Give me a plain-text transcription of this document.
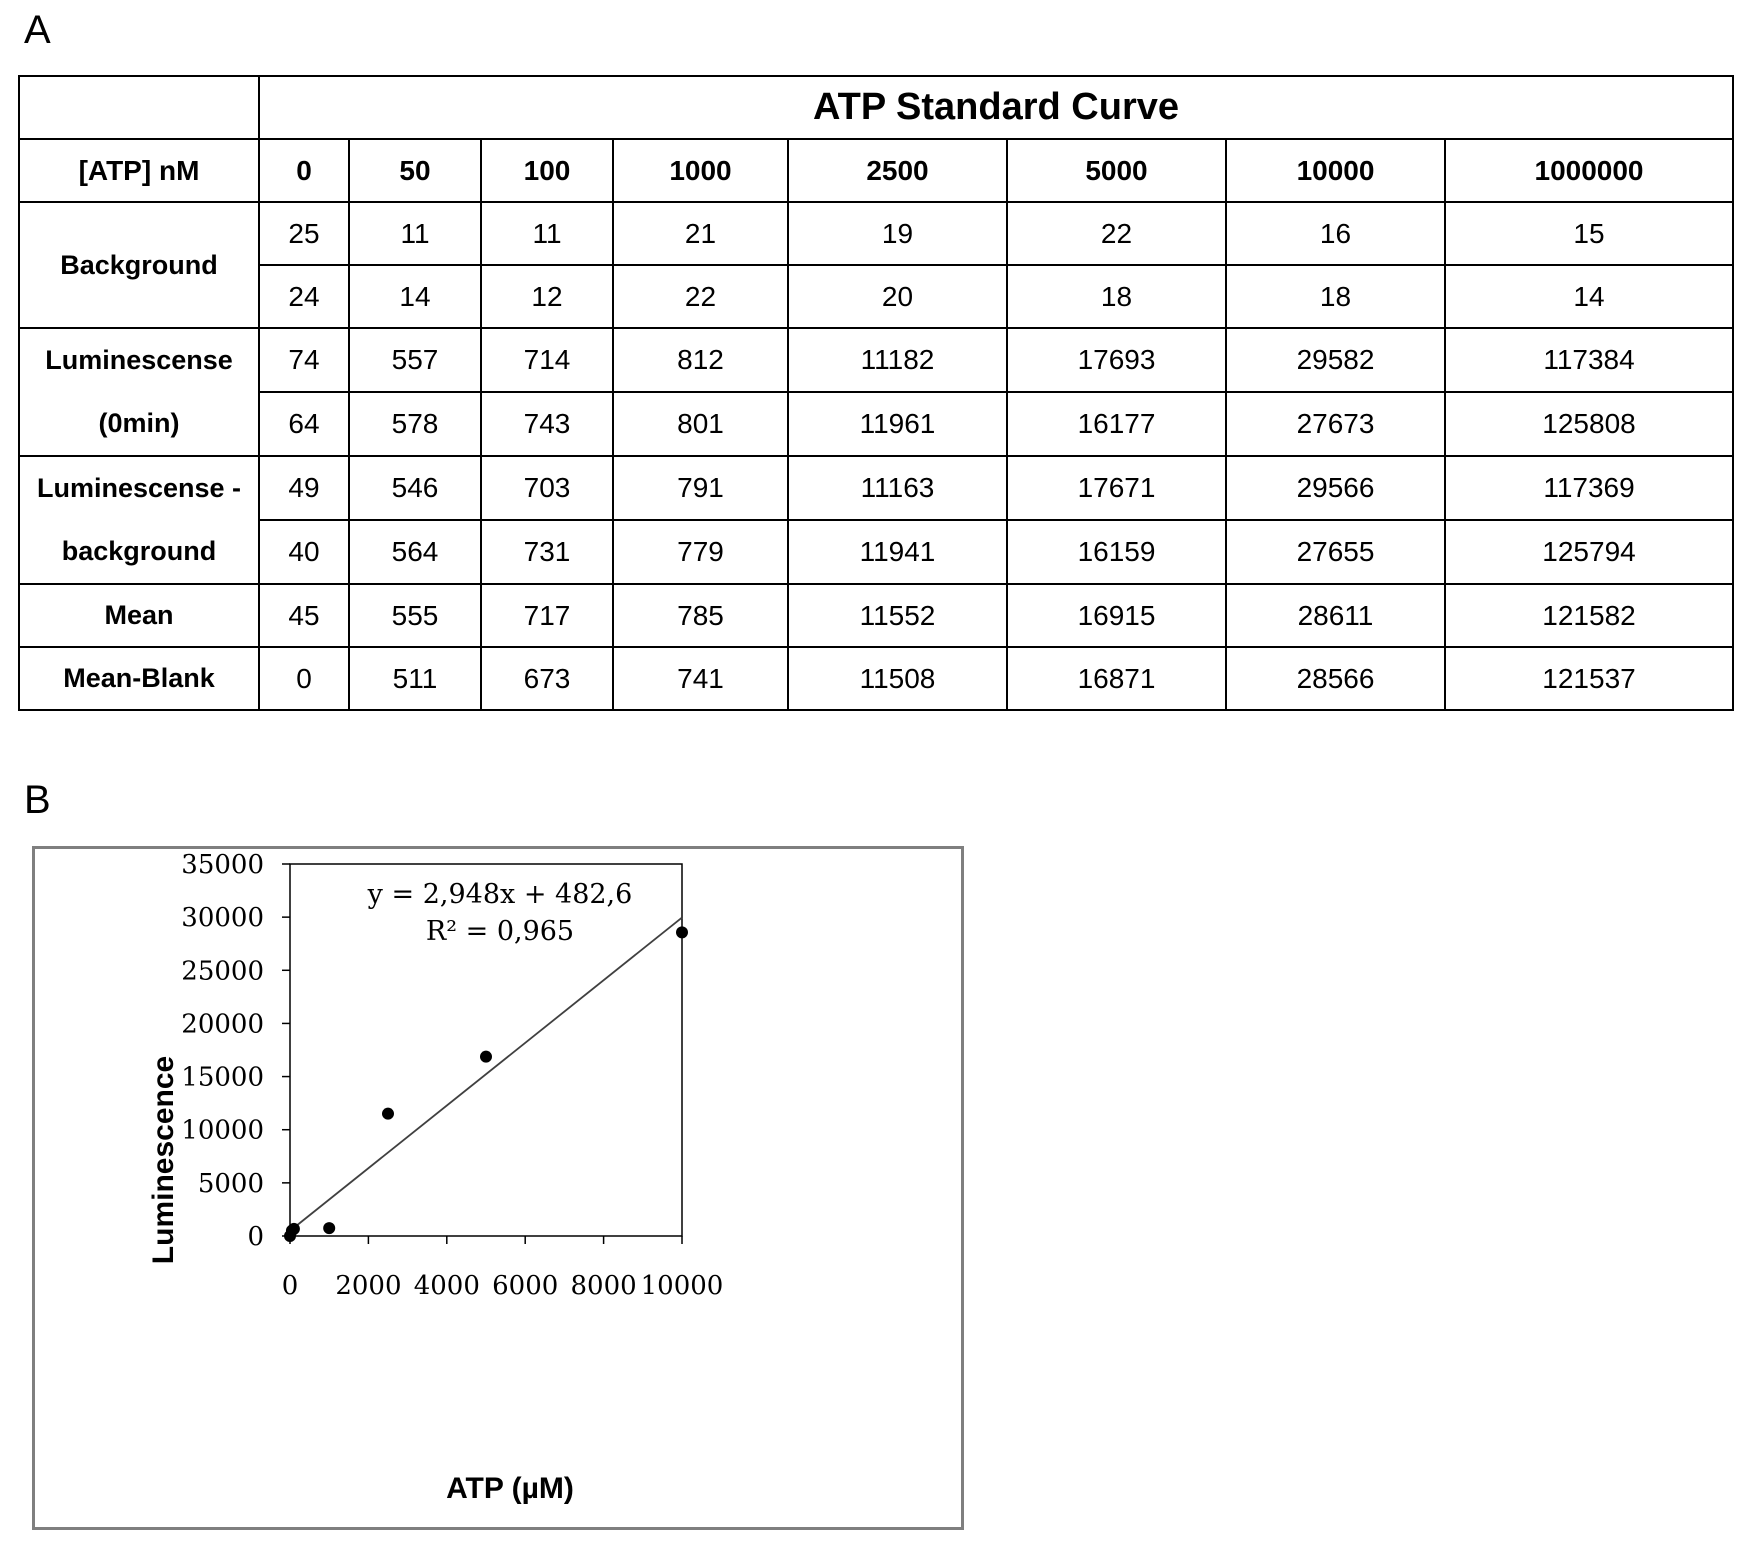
A
	ATP Standard Curve							
[ATP] nM	0	50	100	1000	2500	5000	10000	1000000
Background	25	11	11	21	19	22	16	15
	24	14	12	22	20	18	18	14

Luminescense
(0min)	74	557	714	812	11182	17693	29582	117384
	64	578	743	801	11961	16177	27673	125808

Luminescense -
background	49	546	703	791	11163	17671	29566	117369
	40	564	731	779	11941	16159	27655	125794
Mean	45	555	717	785	11552	16915	28611	121582
Mean-Blank	0	511	673	741	11508	16871	28566	121537
B
y = 2,948x + 482,6
R² = 0,965
0
5000
10000
15000
20000
25000
30000
35000
0 2000 4000 6000 8000 10000
ATP (µM)
Luminescence
